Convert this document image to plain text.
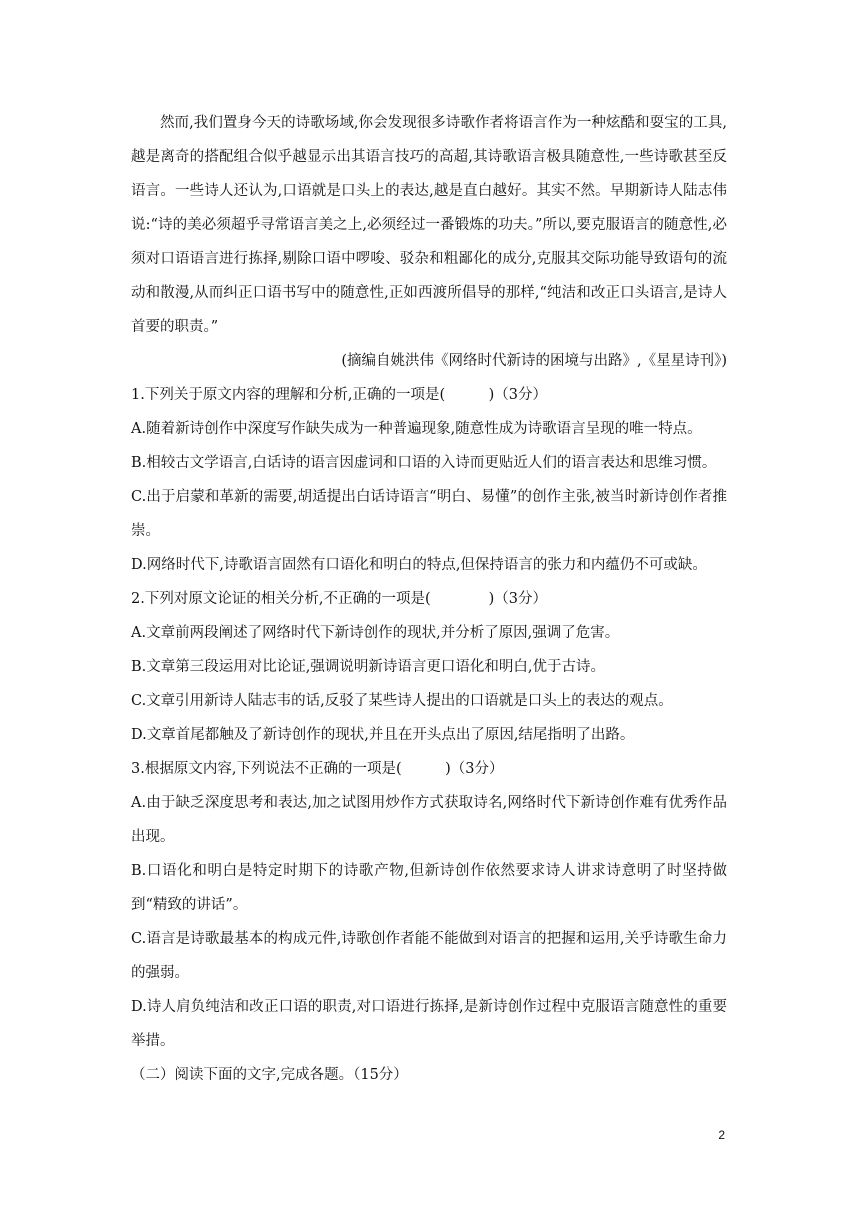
然而,我们置身今天的诗歌场域,你会发现很多诗歌作者将语言作为一种炫酷和耍宝的工具,越是离奇的搭配组合似乎越显示出其语言技巧的高超,其诗歌语言极具随意性,一些诗歌甚至反语言。一些诗人还认为,口语就是口头上的表达,越是直白越好。其实不然。早期新诗人陆志伟说:“诗的美必须超乎寻常语言美之上,必须经过一番锻炼的功夫。”所以,要克服语言的随意性,必须对口语语言进行拣择,剔除口语中啰唆、驳杂和粗鄙化的成分,克服其交际功能导致语句的流动和散漫,从而纠正口语书写中的随意性,正如西渡所倡导的那样,“纯洁和改正口头语言,是诗人首要的职责。”
(摘编自姚洪伟《网络时代新诗的困境与出路》,《星星诗刊》)
1.下列关于原文内容的理解和分析,正确的一项是(　　　)（3分）
A.随着新诗创作中深度写作缺失成为一种普遍现象,随意性成为诗歌语言呈现的唯一特点。
B.相较古文学语言,白话诗的语言因虚词和口语的入诗而更贴近人们的语言表达和思维习惯。
C.出于启蒙和革新的需要,胡适提出白话诗语言“明白、易懂”的创作主张,被当时新诗创作者推崇。
D.网络时代下,诗歌语言固然有口语化和明白的特点,但保持语言的张力和内蕴仍不可或缺。
2.下列对原文论证的相关分析,不正确的一项是(　　　　)（3分）
A.文章前两段阐述了网络时代下新诗创作的现状,并分析了原因,强调了危害。
B.文章第三段运用对比论证,强调说明新诗语言更口语化和明白,优于古诗。
C.文章引用新诗人陆志韦的话,反驳了某些诗人提出的口语就是口头上的表达的观点。
D.文章首尾都触及了新诗创作的现状,并且在开头点出了原因,结尾指明了出路。
3.根据原文内容,下列说法不正确的一项是(　　　)（3分）
A.由于缺乏深度思考和表达,加之试图用炒作方式获取诗名,网络时代下新诗创作难有优秀作品出现。
B.口语化和明白是特定时期下的诗歌产物,但新诗创作依然要求诗人讲求诗意明了时坚持做到“精致的讲话”。
C.语言是诗歌最基本的构成元件,诗歌创作者能不能做到对语言的把握和运用,关乎诗歌生命力的强弱。
D.诗人肩负纯洁和改正口语的职责,对口语进行拣择,是新诗创作过程中克服语言随意性的重要举措。
（二）阅读下面的文字,完成各题。（15分）
2
